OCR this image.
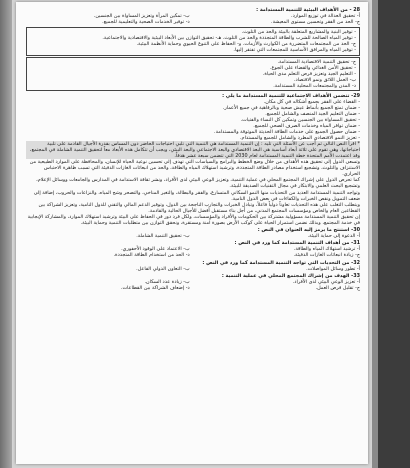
28 - من الأهداف البيئية للتنمية المستدامة :

أ- تحقيق العدالة في توزيع الموارد.
ب- تمكين المرأة وتعزيز المساواة بين الجنسين.
ج- الحد من الفقر وتحسين مستوى المعيشة.
د- توفير الخدمات الصحية والتعليمية للجميع.

- توفير البنية والمشاريع المتعلقة بالبيئة والحد من التلوث.

- توفير المياه الصالحة للشرب والطاقة المتجددة والحد من التلوث. هـ- تحقيق التوازن بين الأبعاد البيئية والاقتصادية والاجتماعية.

ج- الحد من المجتمعات المتضررة من الكوارث والأزمات. و- الحفاظ على التنوع الحيوي وحماية الأنظمة البيئية.

- توفير المياه والمرافق الأساسية للمجتمعات التي تفتقر إليها.

ج- تحقيق التنمية الاقتصادية المستدامة.

- تحقيق الأمن الغذائي والقضاء على الجوع.

- التعليم الجيد وتعزيز فرص التعلم مدى الحياة.

ب- العمل اللائق ونمو الاقتصاد.

د- المدن والمجتمعات المحلية المستدامة.

29- تتضمن الأهداف الاجتماعية للتنمية المستدامة ما يلي :

- القضاء على الفقر بجميع أشكاله في كل مكان.

- ضمان تمتع الجميع بأنماط عيش صحية وبالرفاهية في جميع الأعمار.

- ضمان التعليم الجيد المنصف والشامل للجميع.

- تحقيق المساواة بين الجنسين وتمكين كل النساء والفتيات.

- ضمان توافر المياه وخدمات الصرف الصحي للجميع.

- ضمان حصول الجميع على خدمات الطاقة الحديثة الموثوقة والمستدامة.

- تعزيز النمو الاقتصادي المطرد والشامل للجميع والمستدام.

* اقرأ النص التالي ثم أجب عن الأسئلة التي تليه : إن التنمية المستدامة هي التنمية التي تلبي احتياجات الحاضر دون المساس بقدرة الأجيال القادمة على تلبية احتياجاتها، وهي تقوم على ثلاثة أبعاد أساسية هي البعد الاقتصادي والبعد الاجتماعي والبعد البيئي، ويجب أن تتكامل هذه الأبعاد معاً لتحقيق التنمية الشاملة في المجتمع، وقد اعتمدت الأمم المتحدة خطة التنمية المستدامة لعام 2030 التي تتضمن سبعة عشر هدفاً.

وتسعى الدول إلى تحقيق هذه الأهداف من خلال وضع الخطط والبرامج والسياسات التي تهدف إلى تحسين نوعية الحياة للإنسان، والمحافظة على الموارد الطبيعية من الاستنزاف والتلوث، وتشجيع استخدام مصادر الطاقة المتجددة، وترشيد استهلاك المياه والطاقة، والحد من انبعاثات الغازات الدفيئة التي تسبب ظاهرة الاحتباس الحراري.

كما تحرص الدول على إشراك المجتمع المحلي في عملية التنمية، وتعزيز الوعي البيئي لدى الأفراد، ونشر ثقافة الاستدامة في المدارس والجامعات ووسائل الإعلام، وتشجيع البحث العلمي والابتكار في مجال التقنيات الصديقة للبيئة.

وتواجه التنمية المستدامة العديد من التحديات منها النمو السكاني المتسارع، والفقر والبطالة، والتغير المناخي، والتصحر وشح المياه، والنزاعات والحروب، إضافة إلى ضعف التمويل ونقص الخبرات والكفاءات في بعض الدول النامية.

ويتطلب التغلب على هذه التحديات تعاوناً دولياً فاعلاً، وتبادل الخبرات والتجارب الناجحة بين الدول، وتوفير الدعم المالي والتقني للدول النامية، وتعزيز الشراكة بين القطاعين العام والخاص ومؤسسات المجتمع المدني، من أجل بناء مستقبل أفضل للأجيال الحالية والقادمة.

إن تحقيق التنمية المستدامة مسؤولية مشتركة بين الحكومات والأفراد والمؤسسات، ولكل فرد دور في الحفاظ على البيئة وترشيد استهلاك الموارد، والمشاركة الإيجابية في خدمة المجتمع، وبذلك نضمن استمرار الحياة على كوكب الأرض بصورة آمنة ومستقرة، ونحقق التوازن بين متطلبات التنمية وحماية البيئة.

30- استنتج ما يرمز إليه العنوان في النص :

أ- الدعوة إلى حماية البيئة.
ب- تحقيق التنمية الشاملة.

31- من أهداف التنمية المستدامة كما ورد في النص :

أ- ترشيد استهلاك المياه والطاقة.
ب- الاعتماد على الوقود الأحفوري.
ج- زيادة انبعاثات الغازات الدفيئة.
د- الحد من استخدام الطاقة المتجددة.

32- من التحديات التي تواجه التنمية المستدامة كما ورد في النص :

أ- تطور وسائل المواصلات.
ب- التعاون الدولي الفاعل.

33- الهدف من إشراك المجتمع المحلي في عملية التنمية :

أ- تعزيز الوعي البيئي لدى الأفراد.
ب- زيادة عدد السكان.
ج- تقليل فرص العمل.
د- إضعاف الشراكة بين القطاعات.
